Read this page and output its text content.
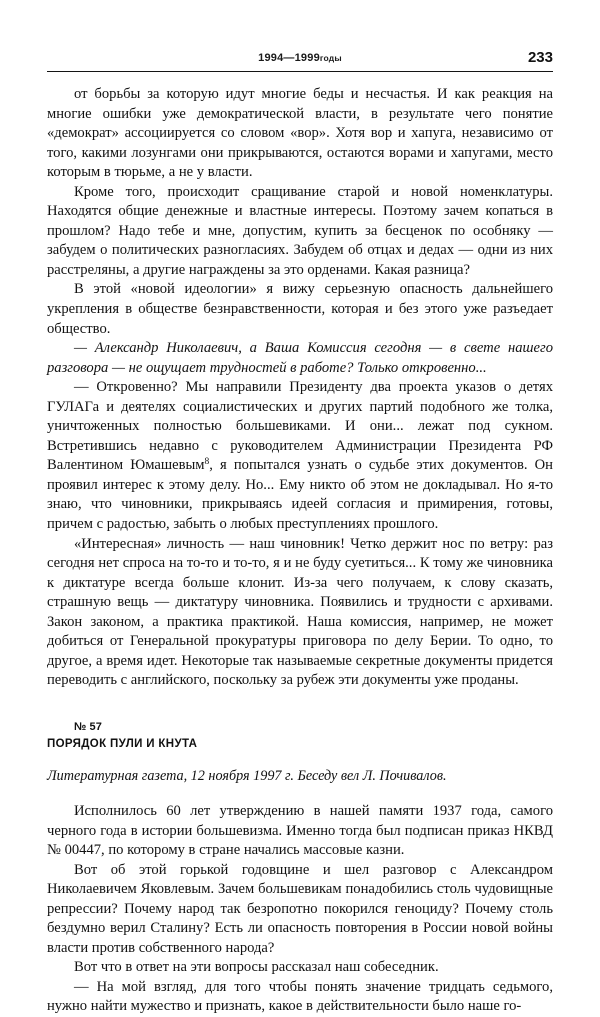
1994—1999годы	233

от борьбы за которую идут многие беды и несчастья. И как реакция на многие ошибки уже демократической власти, в результате чего понятие «демократ» ассоциируется со словом «вор». Хотя вор и хапуга, независимо от того, какими лозунгами они прикрываются, остаются ворами и хапугами, место которым в тюрьме, а не у власти.

Кроме того, происходит сращивание старой и новой номенклатуры. Находятся общие денежные и властные интересы. Поэтому зачем копаться в прошлом? Надо тебе и мне, допустим, купить за бесценок по особняку — забудем о политических разногласиях. Забудем об отцах и дедах — одни из них расстреляны, а другие награждены за это орденами. Какая разница?

В этой «новой идеологии» я вижу серьезную опасность дальнейшего укрепления в обществе безнравственности, которая и без этого уже разъедает общество.

— Александр Николаевич, а Ваша Комиссия сегодня — в свете нашего разговора — не ощущает трудностей в работе? Только откровенно...

— Откровенно? Мы направили Президенту два проекта указов о детях ГУЛАГа и деятелях социалистических и других партий подобного же толка, уничтоженных полностью большевиками. И они... лежат под сукном. Встретившись недавно с руководителем Администрации Президента РФ Валентином Юмашевым$^8$, я попытался узнать о судьбе этих документов. Он проявил интерес к этому делу. Но... Ему никто об этом не докладывал. Но я-то знаю, что чиновники, прикрываясь идеей согласия и примирения, готовы, причем с радостью, забыть о любых преступлениях прошлого.

«Интересная» личность — наш чиновник! Четко держит нос по ветру: раз сегодня нет спроса на то-то и то-то, я и не буду суетиться... К тому же чиновника к диктатуре всегда больше клонит. Из-за чего получаем, к слову сказать, страшную вещь — диктатуру чиновника. Появились и трудности с архивами. Закон законом, а практика практикой. Наша комиссия, например, не может добиться от Генеральной прокуратуры приговора по делу Берии. То одно, то другое, а время идет. Некоторые так называемые секретные документы придется переводить с английского, поскольку за рубеж эти документы уже проданы.

№ 57

ПОРЯДОК ПУЛИ И КНУТА

Литературная газета, 12 ноября 1997 г. Беседу вел Л. Почивалов.

Исполнилось 60 лет утверждению в нашей памяти 1937 года, самого черного года в истории большевизма. Именно тогда был подписан приказ НКВД № 00447, по которому в стране начались массовые казни.

Вот об этой горькой годовщине и шел разговор с Александром Николаевичем Яковлевым. Зачем большевикам понадобились столь чудовищные репрессии? Почему народ так безропотно покорился геноциду? Почему столь бездумно верил Сталину? Есть ли опасность повторения в России новой войны власти против собственного народа?

Вот что в ответ на эти вопросы рассказал наш собеседник.

— На мой взгляд, для того чтобы понять значение тридцать седьмого, нужно найти мужество и признать, какое в действительности было наше го-
